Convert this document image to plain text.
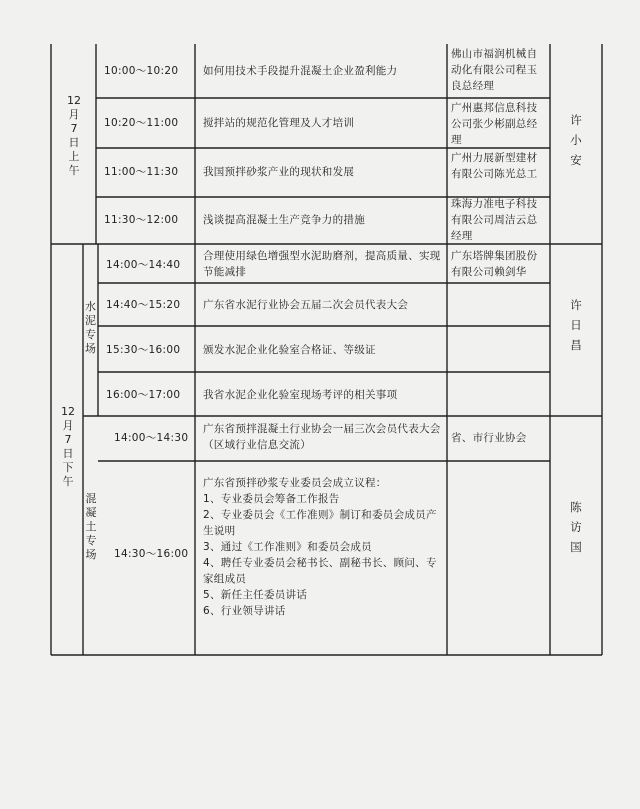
12
月
7
日
上
午
10:00～10:20 如何用技术手段提升混凝土企业盈利能力
佛山市福润机械自动化有限公司程玉良总经理
10:20～11:00 搅拌站的规范化管理及人才培训
广州惠邦信息科技公司张少彬副总经理
11:00～11:30 我国预拌砂浆产业的现状和发展
广州力展新型建材有限公司陈光总工
11:30～12:00 浅谈提高混凝土生产竞争力的措施
珠海力准电子科技有限公司周洁云总经理
许
小
安
12
月
7
日
下
午
水
泥
专
场
14:00～14:40
合理使用绿色增强型水泥助磨剂，提高质量、实现节能减排
广东塔牌集团股份有限公司赖剑华
14:40～15:20 广东省水泥行业协会五届二次会员代表大会
15:30～16:00 颁发水泥企业化验室合格证、等级证
16:00～17:00 我省水泥企业化验室现场考评的相关事项
许
日
昌
混
凝
土
专
场
14:00～14:30
广东省预拌混凝土行业协会一届三次会员代表大会（区域行业信息交流）
省、市行业协会
14:30～16:00
广东省预拌砂浆专业委员会成立议程：
1、专业委员会筹备工作报告
2、专业委员会《工作准则》制订和委员会成员产生说明
3、通过《工作准则》和委员会成员
4、聘任专业委员会秘书长、副秘书长、顾问、专家组成员
5、新任主任委员讲话
6、行业领导讲话
陈
访
国
